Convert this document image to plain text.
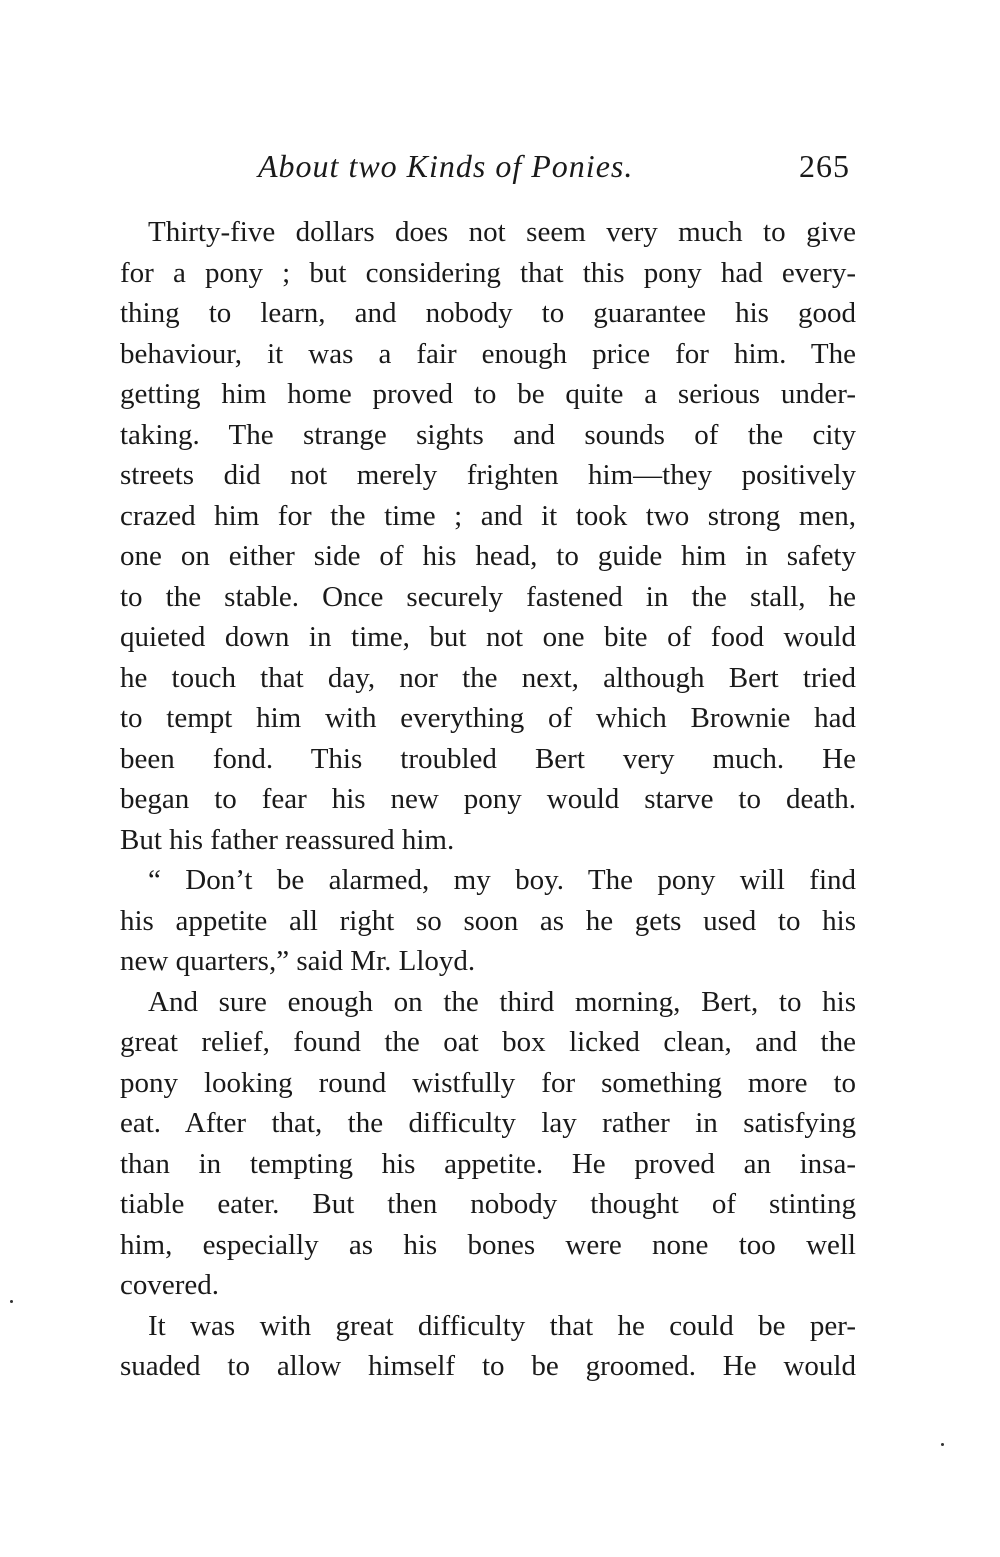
About two Kinds of Ponies.	265
Thirty-five dollars does not seem very much to give
for a pony ; but considering that this pony had every-
thing to learn, and nobody to guarantee his good
behaviour, it was a fair enough price for him. The
getting him home proved to be quite a serious under-
taking. The strange sights and sounds of the city
streets did not merely frighten him—they positively
crazed him for the time ; and it took two strong men,
one on either side of his head, to guide him in safety
to the stable. Once securely fastened in the stall, he
quieted down in time, but not one bite of food would
he touch that day, nor the next, although Bert tried
to tempt him with everything of which Brownie had
been fond. This troubled Bert very much. He
began to fear his new pony would starve to death.
But his father reassured him.
“ Don’t be alarmed, my boy. The pony will find
his appetite all right so soon as he gets used to his
new quarters,” said Mr. Lloyd.
And sure enough on the third morning, Bert, to his
great relief, found the oat box licked clean, and the
pony looking round wistfully for something more to
eat. After that, the difficulty lay rather in satisfying
than in tempting his appetite. He proved an insa-
tiable eater. But then nobody thought of stinting
him, especially as his bones were none too well
covered.
It was with great difficulty that he could be per-
suaded to allow himself to be groomed. He would
